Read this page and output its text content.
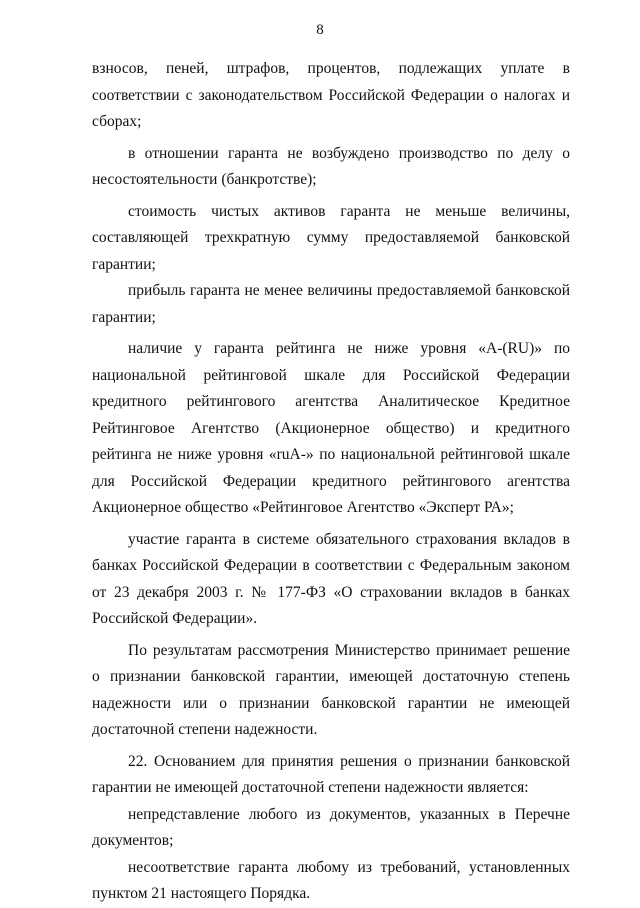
8

взносов, пеней, штрафов, процентов, подлежащих уплате в соответствии с законодательством Российской Федерации о налогах и сборах;

в отношении гаранта не возбуждено производство по делу о несостоятельности (банкротстве);

стоимость чистых активов гаранта не меньше величины, составляющей трехкратную сумму предоставляемой банковской гарантии;

прибыль гаранта не менее величины предоставляемой банковской гарантии;

наличие у гаранта рейтинга не ниже уровня «A-(RU)» по национальной рейтинговой шкале для Российской Федерации кредитного рейтингового агентства Аналитическое Кредитное Рейтинговое Агентство (Акционерное общество) и кредитного рейтинга не ниже уровня «ruA-» по национальной рейтинговой шкале для Российской Федерации кредитного рейтингового агентства Акционерное общество «Рейтинговое Агентство «Эксперт РА»;

участие гаранта в системе обязательного страхования вкладов в банках Российской Федерации в соответствии с Федеральным законом от 23 декабря 2003 г. № 177-ФЗ «О страховании вкладов в банках Российской Федерации».

По результатам рассмотрения Министерство принимает решение о признании банковской гарантии, имеющей достаточную степень надежности или о признании банковской гарантии не имеющей достаточной степени надежности.

22. Основанием для принятия решения о признании банковской гарантии не имеющей достаточной степени надежности является:

непредставление любого из документов, указанных в Перечне документов;

несоответствие гаранта любому из требований, установленных пунктом 21 настоящего Порядка.
